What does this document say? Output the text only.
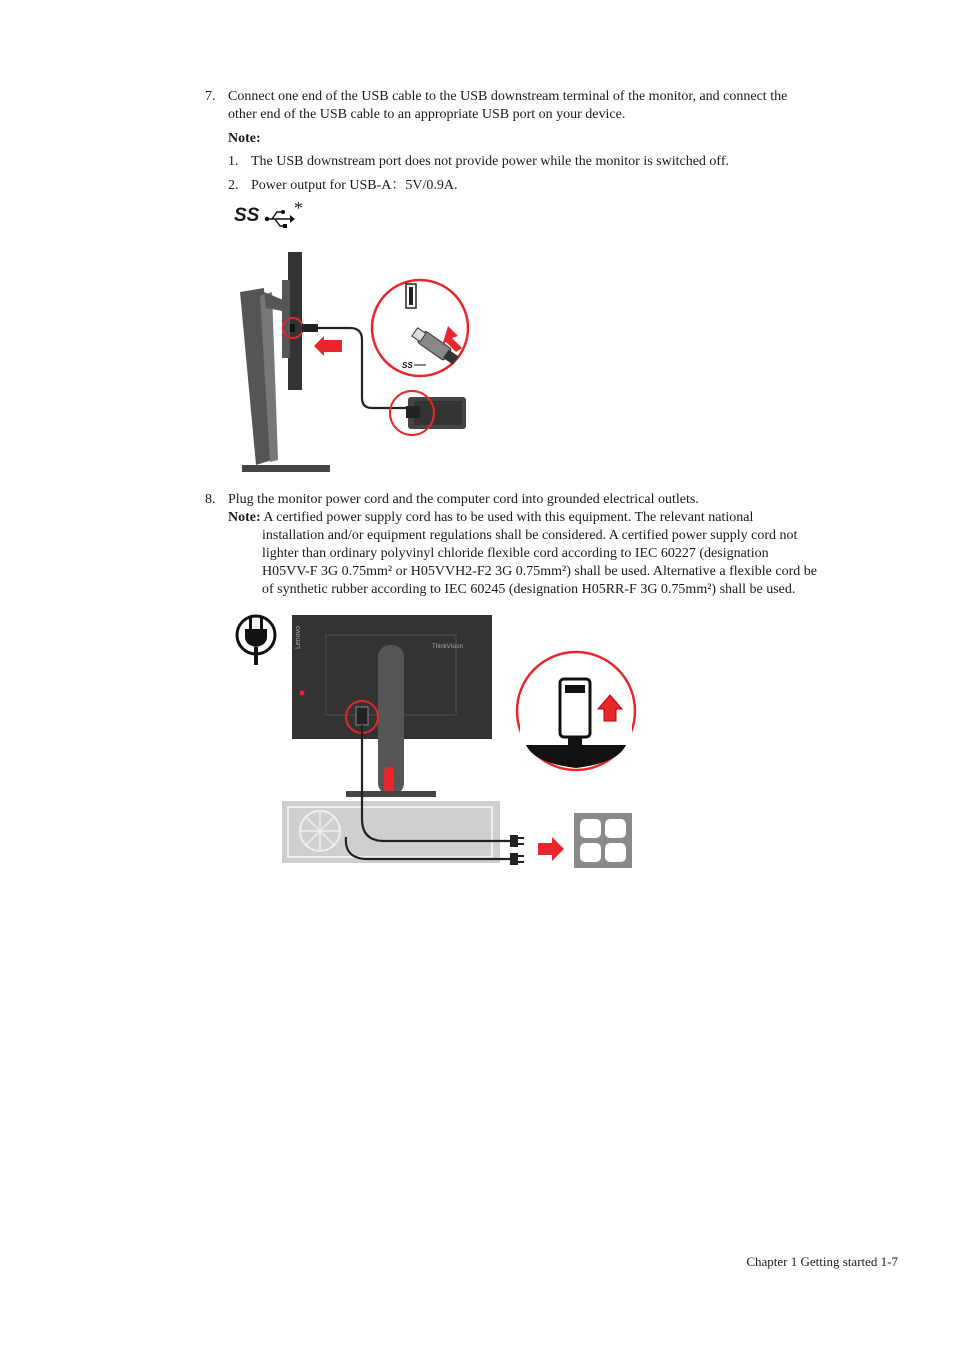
7. Connect one end of the USB cable to the USB downstream terminal of the monitor, and connect the
other end of the USB cable to an appropriate USB port on your device.
Note:
1. The USB downstream port does not provide power while the monitor is switched off.
2. Power output for USB-A：5V/0.9A.
SS *
SS
8. Plug the monitor power cord and the computer cord into grounded electrical outlets.
Note: A certified power supply cord has to be used with this equipment. The relevant national
installation and/or equipment regulations shall be considered. A certified power supply cord not
lighter than ordinary polyvinyl chloride flexible cord according to IEC 60227 (designation
H05VV-F 3G 0.75mm² or H05VVH2-F2 3G 0.75mm²) shall be used. Alternative a flexible cord be
of synthetic rubber according to IEC 60245 (designation H05RR-F 3G 0.75mm²) shall be used.
Lenovo	ThinkVision
Chapter 1 Getting started 1-7
